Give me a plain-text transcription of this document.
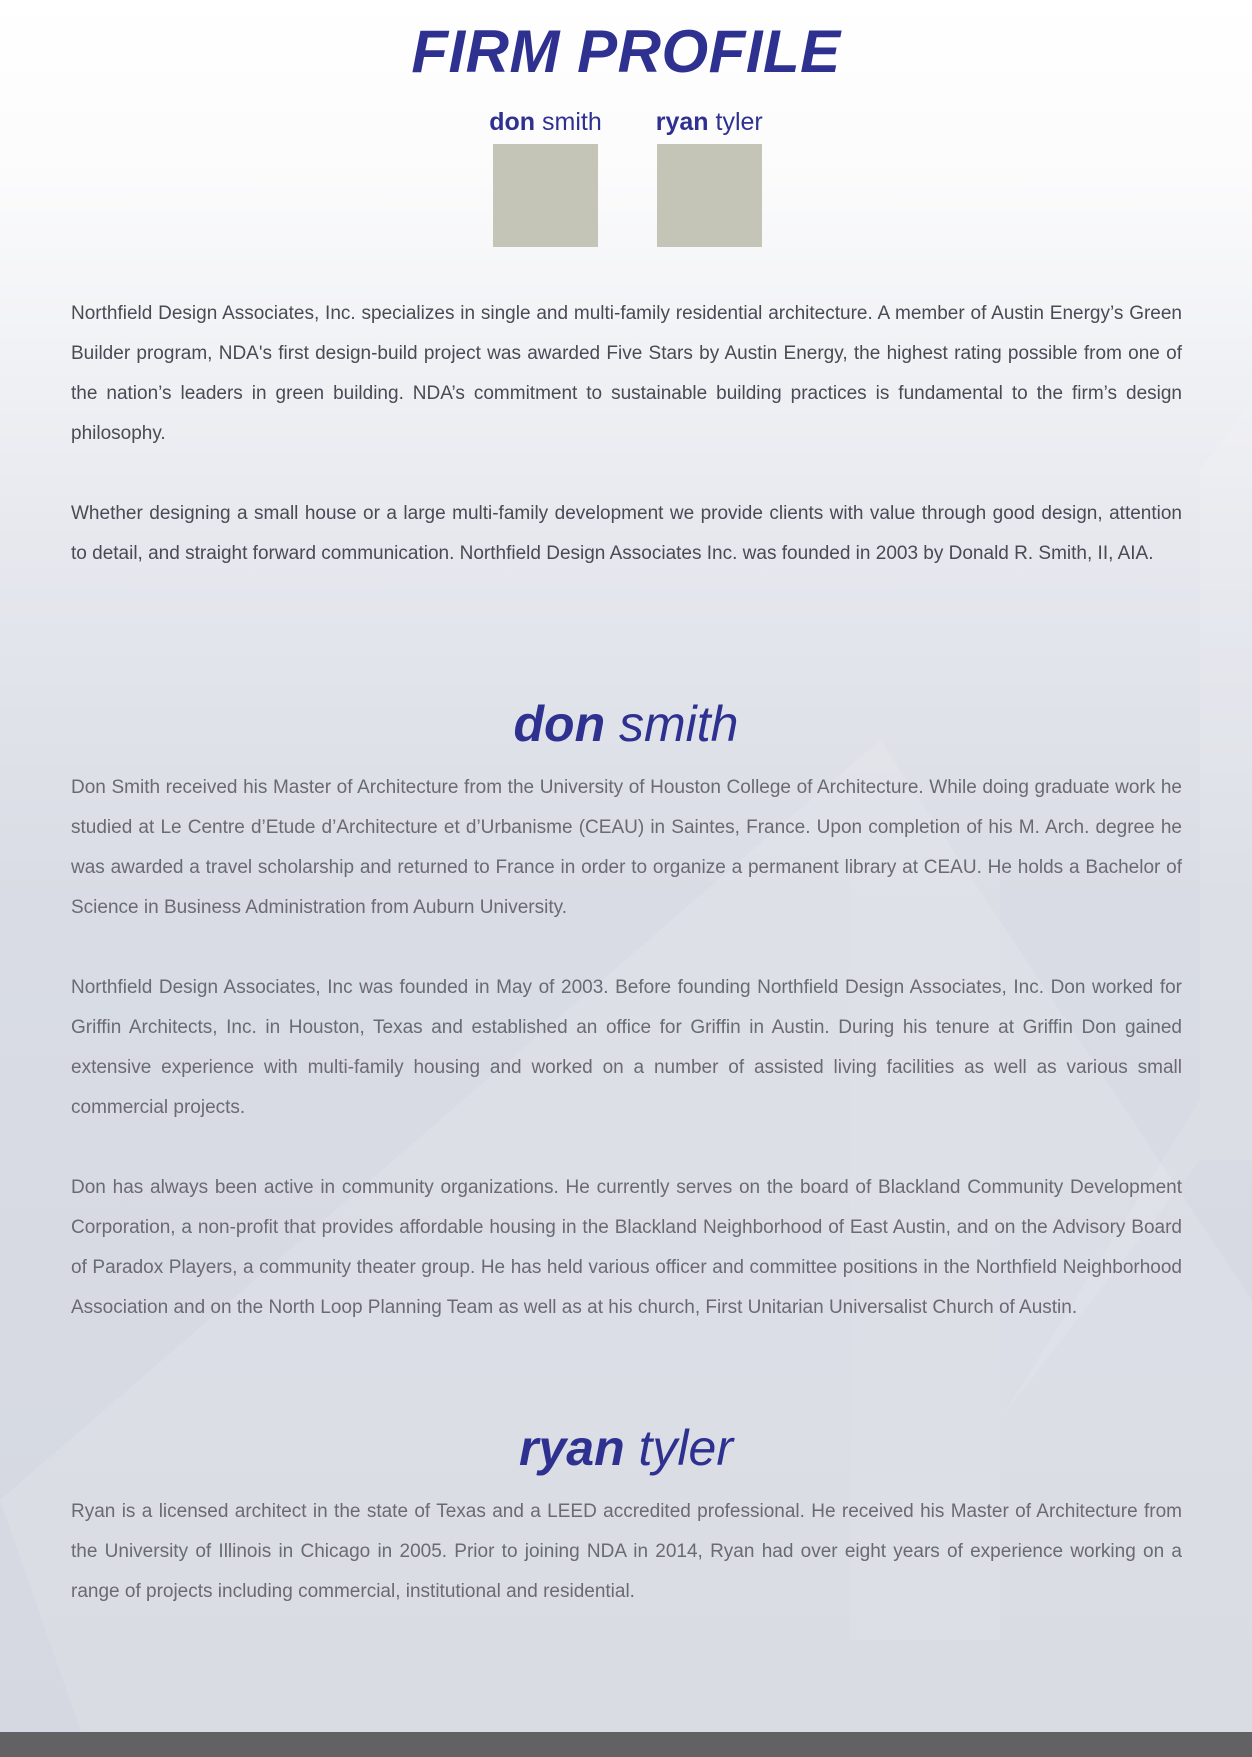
FIRM PROFILE
don smith ryan tyler

Northfield Design Associates, Inc. specializes in single and multi-family residential architecture. A member of Austin Energy’s Green Builder program, NDA's first design-build project was awarded Five Stars by Austin Energy, the highest rating possible from one of the nation’s leaders in green building. NDA’s commitment to sustainable building practices is fundamental to the firm’s design philosophy.

Whether designing a small house or a large multi-family development we provide clients with value through good design, attention to detail, and straight forward communication. Northfield Design Associates Inc. was founded in 2003 by Donald R. Smith, II, AIA.

don smith

Don Smith received his Master of Architecture from the University of Houston College of Architecture. While doing graduate work he studied at Le Centre d’Etude d’Architecture et d’Urbanisme (CEAU) in Saintes, France. Upon completion of his M. Arch. degree he was awarded a travel scholarship and returned to France in order to organize a permanent library at CEAU. He holds a Bachelor of Science in Business Administration from Auburn University.

Northfield Design Associates, Inc was founded in May of 2003. Before founding Northfield Design Associates, Inc. Don worked for Griffin Architects, Inc. in Houston, Texas and established an office for Griffin in Austin. During his tenure at Griffin Don gained extensive experience with multi-family housing and worked on a number of assisted living facilities as well as various small commercial projects.

Don has always been active in community organizations. He currently serves on the board of Blackland Community Development Corporation, a non-profit that provides affordable housing in the Blackland Neighborhood of East Austin, and on the Advisory Board of Paradox Players, a community theater group. He has held various officer and committee positions in the Northfield Neighborhood Association and on the North Loop Planning Team as well as at his church, First Unitarian Universalist Church of Austin.

ryan tyler

Ryan is a licensed architect in the state of Texas and a LEED accredited professional. He received his Master of Architecture from the University of Illinois in Chicago in 2005. Prior to joining NDA in 2014, Ryan had over eight years of experience working on a range of projects including commercial, institutional and residential.
